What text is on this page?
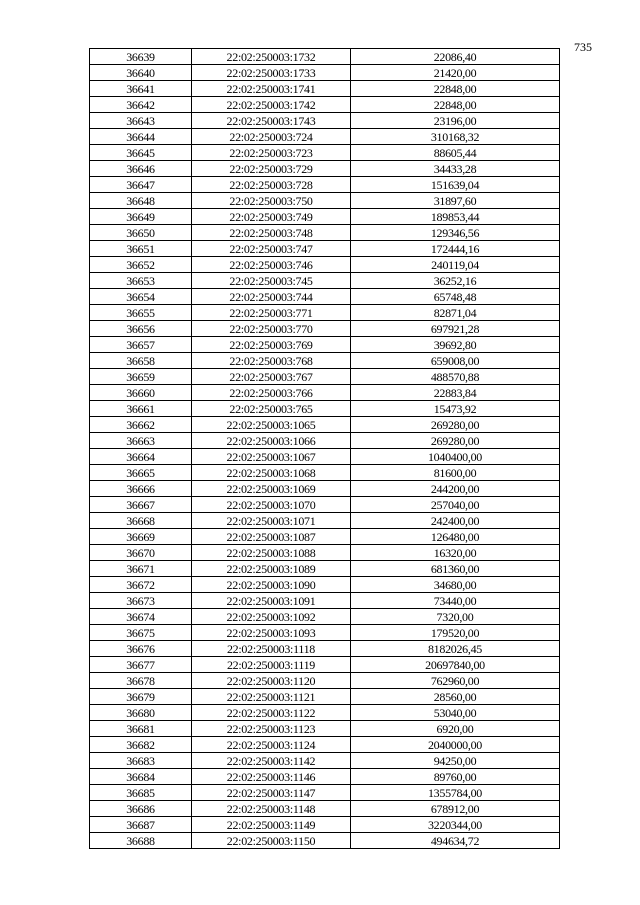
735
36639	22:02:250003:1732	22086,40
36640	22:02:250003:1733	21420,00
36641	22:02:250003:1741	22848,00
36642	22:02:250003:1742	22848,00
36643	22:02:250003:1743	23196,00
36644	22:02:250003:724	310168,32
36645	22:02:250003:723	88605,44
36646	22:02:250003:729	34433,28
36647	22:02:250003:728	151639,04
36648	22:02:250003:750	31897,60
36649	22:02:250003:749	189853,44
36650	22:02:250003:748	129346,56
36651	22:02:250003:747	172444,16
36652	22:02:250003:746	240119,04
36653	22:02:250003:745	36252,16
36654	22:02:250003:744	65748,48
36655	22:02:250003:771	82871,04
36656	22:02:250003:770	697921,28
36657	22:02:250003:769	39692,80
36658	22:02:250003:768	659008,00
36659	22:02:250003:767	488570,88
36660	22:02:250003:766	22883,84
36661	22:02:250003:765	15473,92
36662	22:02:250003:1065	269280,00
36663	22:02:250003:1066	269280,00
36664	22:02:250003:1067	1040400,00
36665	22:02:250003:1068	81600,00
36666	22:02:250003:1069	244200,00
36667	22:02:250003:1070	257040,00
36668	22:02:250003:1071	242400,00
36669	22:02:250003:1087	126480,00
36670	22:02:250003:1088	16320,00
36671	22:02:250003:1089	681360,00
36672	22:02:250003:1090	34680,00
36673	22:02:250003:1091	73440,00
36674	22:02:250003:1092	7320,00
36675	22:02:250003:1093	179520,00
36676	22:02:250003:1118	8182026,45
36677	22:02:250003:1119	20697840,00
36678	22:02:250003:1120	762960,00
36679	22:02:250003:1121	28560,00
36680	22:02:250003:1122	53040,00
36681	22:02:250003:1123	6920,00
36682	22:02:250003:1124	2040000,00
36683	22:02:250003:1142	94250,00
36684	22:02:250003:1146	89760,00
36685	22:02:250003:1147	1355784,00
36686	22:02:250003:1148	678912,00
36687	22:02:250003:1149	3220344,00
36688	22:02:250003:1150	494634,72
